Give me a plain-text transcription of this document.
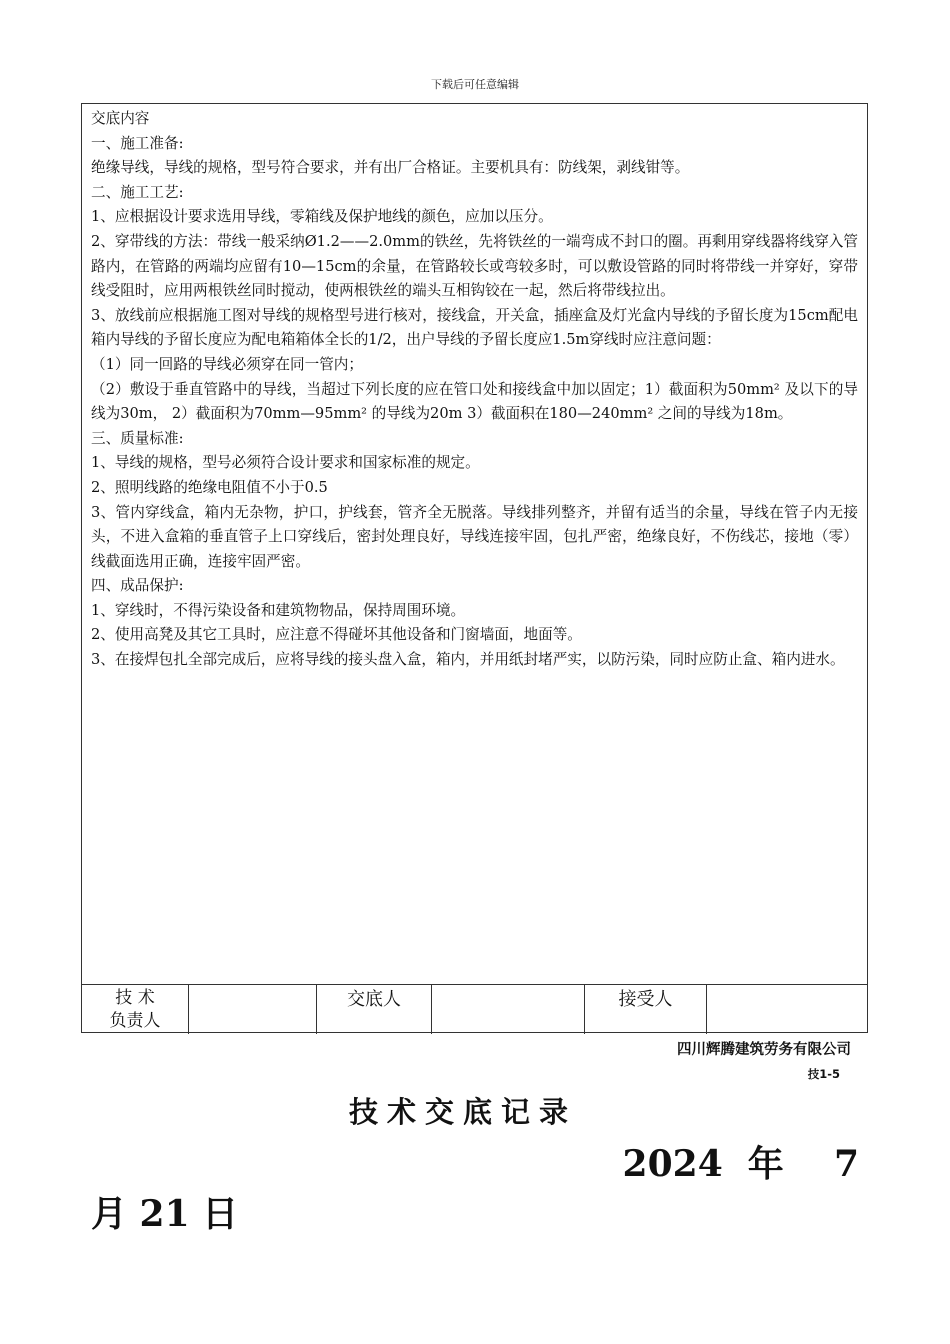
下载后可任意编辑

交底内容

一、施工准备:

绝缘导线，导线的规格，型号符合要求，并有出厂合格证。主要机具有：防线架，剥线钳等。

二、施工工艺:

1、应根据设计要求选用导线，零箱线及保护地线的颜色，应加以压分。

2、穿带线的方法：带线一般采纳Ø1.2——2.0mm的铁丝，先将铁丝的一端弯成不封口的圈。再剩用穿线器将线穿入管路内，在管路的两端均应留有10—15cm的余量，在管路较长或弯较多时，可以敷设管路的同时将带线一并穿好，穿带线受阻时，应用两根铁丝同时搅动，使两根铁丝的端头互相钩铰在一起，然后将带线拉出。

3、放线前应根据施工图对导线的规格型号进行核对，接线盒，开关盒，插座盒及灯光盒内导线的予留长度为15cm配电箱内导线的予留长度应为配电箱箱体全长的1/2，出户导线的予留长度应1.5m穿线时应注意问题：

（1）同一回路的导线必须穿在同一管内；

（2）敷设于垂直管路中的导线，当超过下列长度的应在管口处和接线盒中加以固定；1）截面积为50mm² 及以下的导线为30m， 2）截面积为70mm—95mm² 的导线为20m 3）截面积在180—240mm² 之间的导线为18m。

三、质量标准:

1、导线的规格，型号必须符合设计要求和国家标准的规定。

2、照明线路的绝缘电阻值不小于0.5

3、管内穿线盒，箱内无杂物，护口，护线套，管齐全无脱落。导线排列整齐，并留有适当的余量，导线在管子内无接头，不进入盒箱的垂直管子上口穿线后，密封处理良好，导线连接牢固，包扎严密，绝缘良好，不伤线芯，接地（零）线截面选用正确，连接牢固严密。

四、成品保护:

1、穿线时，不得污染设备和建筑物物品，保持周围环境。

2、使用高凳及其它工具时，应注意不得碰坏其他设备和门窗墙面，地面等。

3、在接焊包扎全部完成后，应将导线的接头盘入盒，箱内，并用纸封堵严实，以防污染，同时应防止盒、箱内进水。

技 术
负责人
交底人	接受人
四川辉腾建筑劳务有限公司
技1-5
技术交底记录
2024  年    7
月 21 日
